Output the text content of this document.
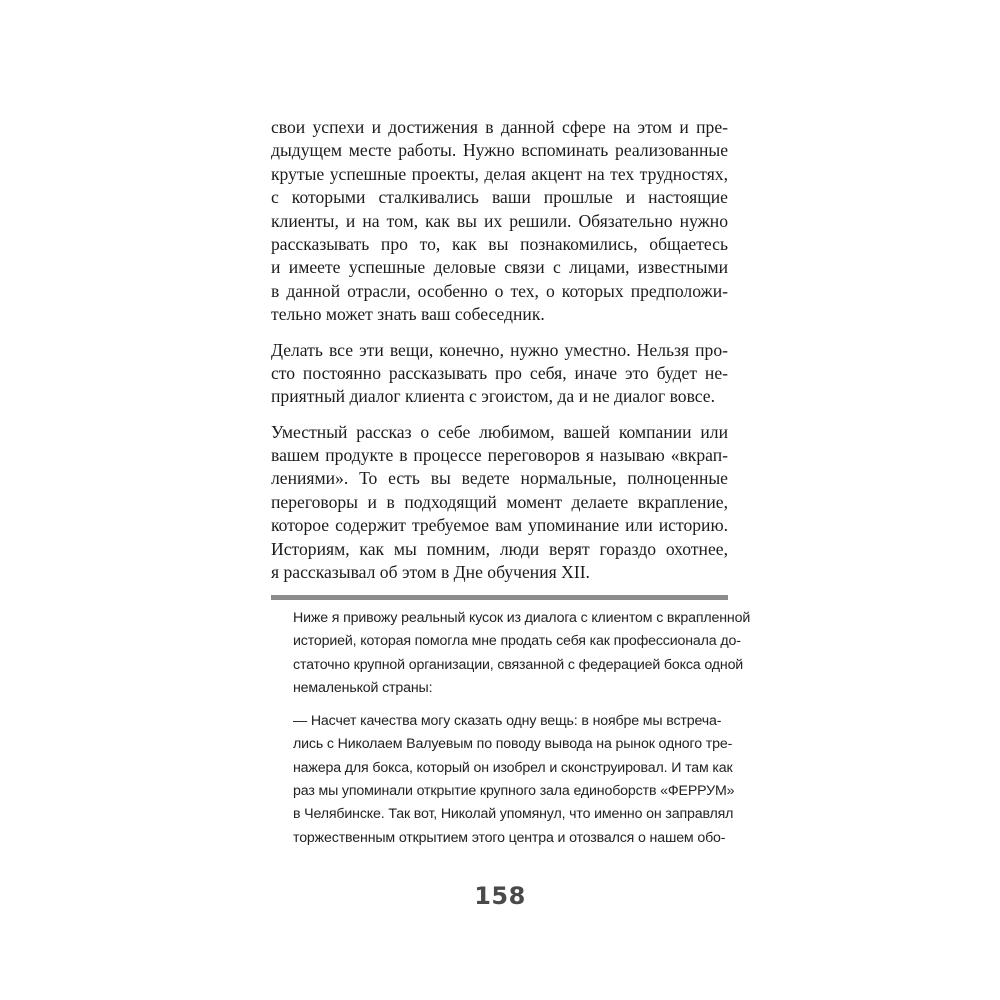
свои успехи и достижения в данной сфере на этом и пре-
дыдущем месте работы. Нужно вспоминать реализованные
крутые успешные проекты, делая акцент на тех трудностях,
с которыми сталкивались ваши прошлые и настоящие
клиенты, и на том, как вы их решили. Обязательно нужно
рассказывать про то, как вы познакомились, общаетесь
и имеете успешные деловые связи с лицами, известными
в данной отрасли, особенно о тех, о которых предположи-
тельно может знать ваш собеседник.

Делать все эти вещи, конечно, нужно уместно. Нельзя про-
сто постоянно рассказывать про себя, иначе это будет не-
приятный диалог клиента с эгоистом, да и не диалог вовсе.

Уместный рассказ о себе любимом, вашей компании или
вашем продукте в процессе переговоров я называю «вкрап-
лениями». То есть вы ведете нормальные, полноценные
переговоры и в подходящий момент делаете вкрапление,
которое содержит требуемое вам упоминание или историю.
Историям, как мы помним, люди верят гораздо охотнее,
я рассказывал об этом в Дне обучения XII.

Ниже я привожу реальный кусок из диалога с клиентом с вкрапленной
историей, которая помогла мне продать себя как профессионала до-
статочно крупной организации, связанной с федерацией бокса одной
немаленькой страны:

— Насчет качества могу сказать одну вещь: в ноябре мы встреча-
лись с Николаем Валуевым по поводу вывода на рынок одного тре-
нажера для бокса, который он изобрел и сконструировал. И там как
раз мы упоминали открытие крупного зала единоборств «ФЕРРУМ»
в Челябинске. Так вот, Николай упомянул, что именно он заправлял
торжественным открытием этого центра и отозвался о нашем обо-

158
